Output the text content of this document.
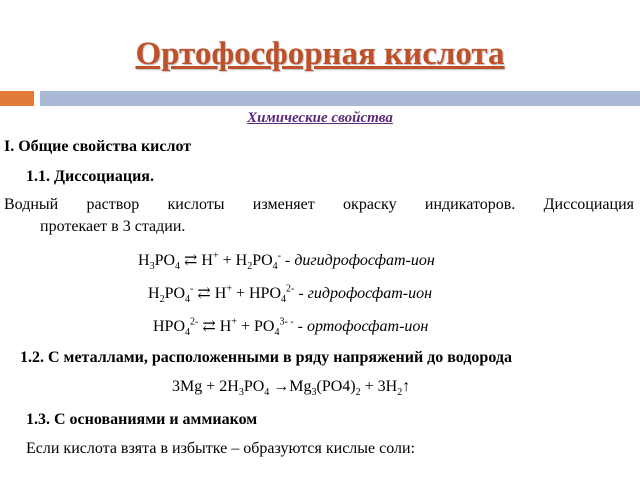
Ортофосфорная кислота
Химические свойства
I. Общие свойства кислот
1.1. Диссоциация.
Водный раствор кислоты изменяет окраску индикаторов. Диссоциация
протекает в 3 стадии.
$H_3PO_4$ ⇄ $H^+ + H_2PO_4^-$ - дигидрофосфат-ион
$H_2PO_4^-$ ⇄ $H^+ + HPO_4^{2-}$ - гидрофосфат-ион
$HPO_4^{2-}$ ⇄ $H^+ + PO_4^{3- -}$ - ортофосфат-ион
1.2. С металлами, расположенными в ряду напряжений до водорода
$3Mg + 2H_3PO_4 \to Mg_3(PO4)_2$ + $3H_2↑$
1.3. С основаниями и аммиаком
Если кислота взята в избытке – образуются кислые соли:
